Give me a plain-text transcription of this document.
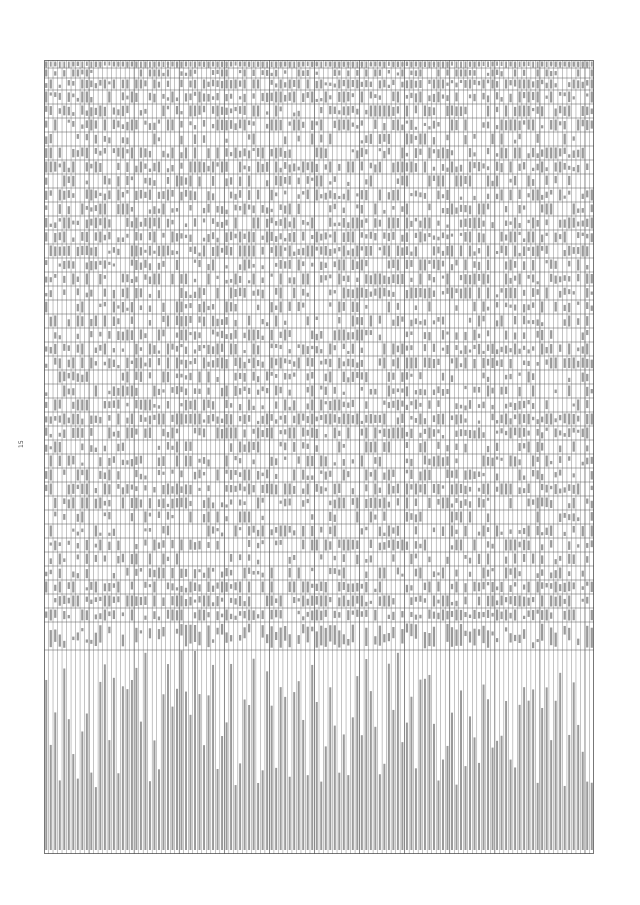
15
